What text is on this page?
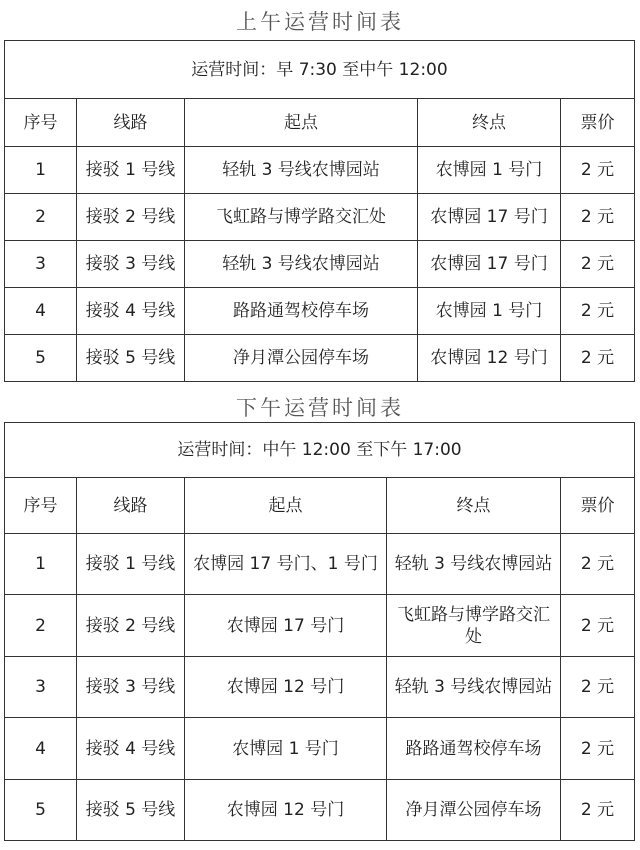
上午运营时间表
运营时间：早 7:30 至中午 12:00				
序号	线路	起点	终点	票价
1	接驳 1 号线	轻轨 3 号线农博园站	农博园 1 号门	2 元
2	接驳 2 号线	飞虹路与博学路交汇处	农博园 17 号门	2 元
3	接驳 3 号线	轻轨 3 号线农博园站	农博园 17 号门	2 元
4	接驳 4 号线	路路通驾校停车场	农博园 1 号门	2 元
5	接驳 5 号线	净月潭公园停车场	农博园 12 号门	2 元
下午运营时间表
运营时间：中午 12:00 至下午 17:00				
序号	线路	起点	终点	票价
1	接驳 1 号线	农博园 17 号门、1 号门	轻轨 3 号线农博园站	2 元
2	接驳 2 号线	农博园 17 号门	飞虹路与博学路交汇处	2 元
3	接驳 3 号线	农博园 12 号门	轻轨 3 号线农博园站	2 元
4	接驳 4 号线	农博园 1 号门	路路通驾校停车场	2 元
5	接驳 5 号线	农博园 12 号门	净月潭公园停车场	2 元
